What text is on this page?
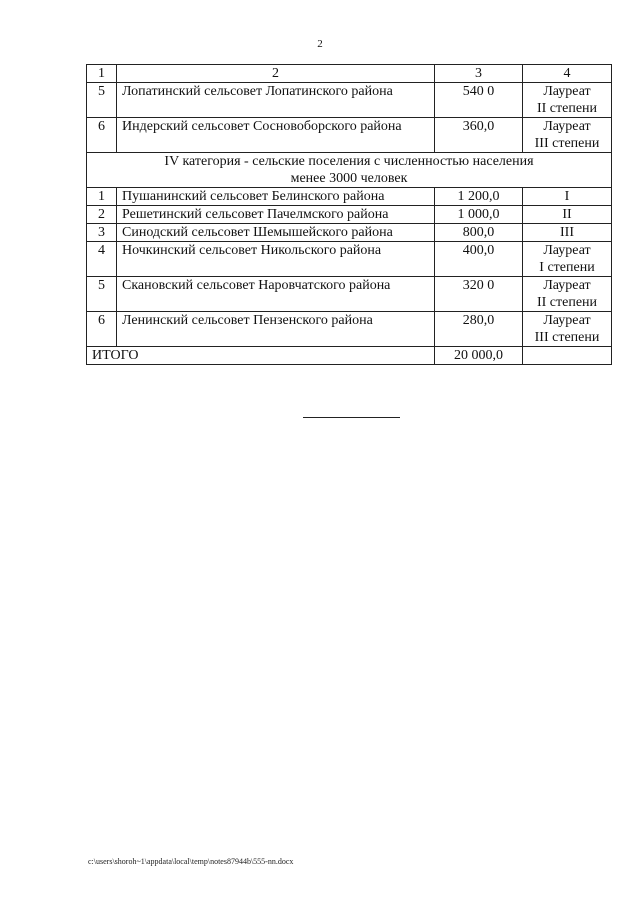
2
1	2	3	4
5	Лопатинский сельсовет Лопатинского района	540 0	Лауреат
II степени
6	Индерский сельсовет Сосновоборского района	360,0	Лауреат
III степени
IV категория - сельские поселения с численностью населения
менее 3000 человек			
1	Пушанинский сельсовет Белинского района	1 200,0	I
2	Решетинский сельсовет Пачелмского района	1 000,0	II
3	Синодский сельсовет Шемышейского района	800,0	III
4	Ночкинский сельсовет Никольского района	400,0	Лауреат
I степени
5	Скановский сельсовет Наровчатского района	320 0	Лауреат
II степени
6	Ленинский сельсовет Пензенского района	280,0	Лауреат
III степени
ИТОГО		20 000,0	
c:\users\shoroh~1\appdata\local\temp\notes87944b\555-nn.docx
